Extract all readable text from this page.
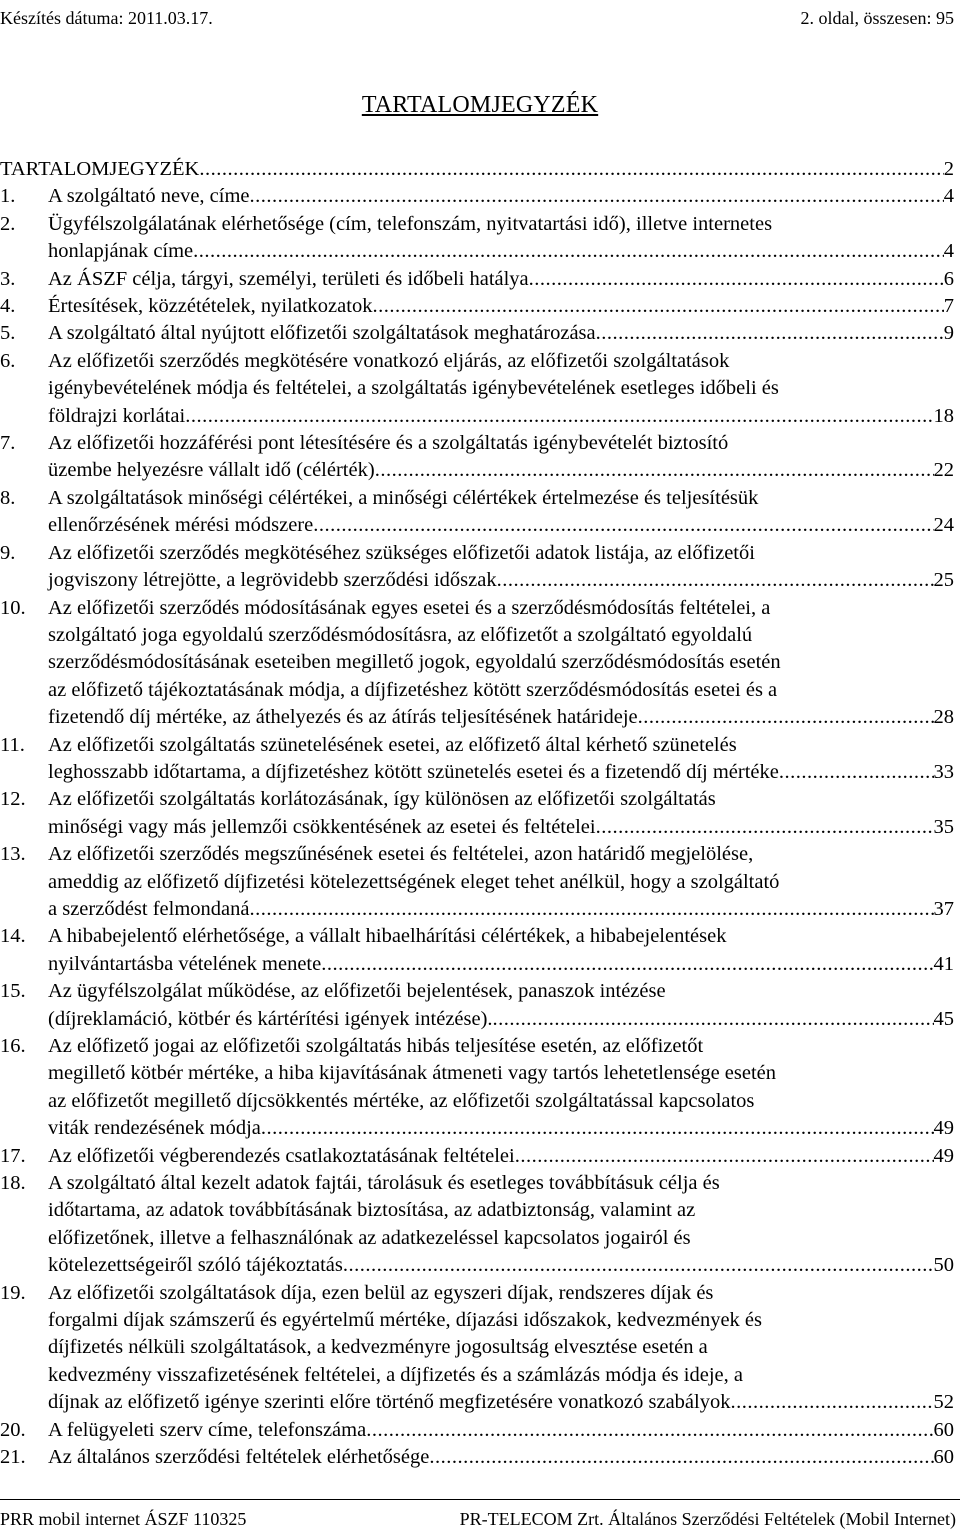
Készítés dátuma: 2011.03.17.	2. oldal, összesen: 95
TARTALOMJEGYZÉK
TARTALOMJEGYZÉK .....	2
1. A szolgáltató neve, címe .....	4
2. Ügyfélszolgálatának elérhetősége (cím, telefonszám, nyitvatartási idő), illetve internetes
honlapjának címe .....	4
3. Az ÁSZF célja, tárgyi, személyi, területi és időbeli hatálya .....	6
4. Értesítések, közzétételek, nyilatkozatok .....	7
5. A szolgáltató által nyújtott előfizetői szolgáltatások meghatározása .....	9
6. Az előfizetői szerződés megkötésére vonatkozó eljárás, az előfizetői szolgáltatások
igénybevételének módja és feltételei, a szolgáltatás igénybevételének esetleges időbeli és
földrajzi korlátai .....	18
7. Az előfizetői hozzáférési pont létesítésére és a szolgáltatás igénybevételét biztosító
üzembe helyezésre vállalt idő (célérték) .....	22
8. A szolgáltatások minőségi célértékei, a minőségi célértékek értelmezése és teljesítésük
ellenőrzésének mérési módszere .....	24
9. Az előfizetői szerződés megkötéséhez szükséges előfizetői adatok listája, az előfizetői
jogviszony létrejötte, a legrövidebb szerződési időszak .....	25
10. Az előfizetői szerződés módosításának egyes esetei és a szerződésmódosítás feltételei, a
szolgáltató joga egyoldalú szerződésmódosításra, az előfizetőt a szolgáltató egyoldalú
szerződésmódosításának eseteiben megillető jogok, egyoldalú szerződésmódosítás esetén
az előfizető tájékoztatásának módja, a díjfizetéshez kötött szerződésmódosítás esetei és a
fizetendő díj mértéke, az áthelyezés és az átírás teljesítésének határideje .....	28
11. Az előfizetői szolgáltatás szünetelésének esetei, az előfizető által kérhető szünetelés
leghosszabb időtartama, a díjfizetéshez kötött szünetelés esetei és a fizetendő díj mértéke .....	33
12. Az előfizetői szolgáltatás korlátozásának, így különösen az előfizetői szolgáltatás
minőségi vagy más jellemzői csökkentésének az esetei és feltételei .....	35
13. Az előfizetői szerződés megszűnésének esetei és feltételei, azon határidő megjelölése,
ameddig az előfizető díjfizetési kötelezettségének eleget tehet anélkül, hogy a szolgáltató
a szerződést felmondaná .....	37
14. A hibabejelentő elérhetősége, a vállalt hibaelhárítási célértékek, a hibabejelentések
nyilvántartásba vételének menete .....	41
15. Az ügyfélszolgálat működése, az előfizetői bejelentések, panaszok intézése
(díjreklamáció, kötbér és kártérítési igények intézése). .....	45
16. Az előfizető jogai az előfizetői szolgáltatás hibás teljesítése esetén, az előfizetőt
megillető kötbér mértéke, a hiba kijavításának átmeneti vagy tartós lehetetlensége esetén
az előfizetőt megillető díjcsökkentés mértéke, az előfizetői szolgáltatással kapcsolatos
viták rendezésének módja .....	49
17. Az előfizetői végberendezés csatlakoztatásának feltételei .....	49
18. A szolgáltató által kezelt adatok fajtái, tárolásuk és esetleges továbbításuk célja és
időtartama, az adatok továbbításának biztosítása, az adatbiztonság, valamint az
előfizetőnek, illetve a felhasználónak az adatkezeléssel kapcsolatos jogairól és
kötelezettségeiről szóló tájékoztatás .....	50
19. Az előfizetői szolgáltatások díja, ezen belül az egyszeri díjak, rendszeres díjak és
forgalmi díjak számszerű és egyértelmű mértéke, díjazási időszakok, kedvezmények és
díjfizetés nélküli szolgáltatások, a kedvezményre jogosultság elvesztése esetén a
kedvezmény visszafizetésének feltételei, a díjfizetés és a számlázás módja és ideje, a
díjnak az előfizető igénye szerinti előre történő megfizetésére vonatkozó szabályok .....	52
20. A felügyeleti szerv címe, telefonszáma .....	60
21. Az általános szerződési feltételek elérhetősége .....	60
PRR mobil internet ÁSZF 110325	PR-TELECOM Zrt. Általános Szerződési Feltételek (Mobil Internet)
